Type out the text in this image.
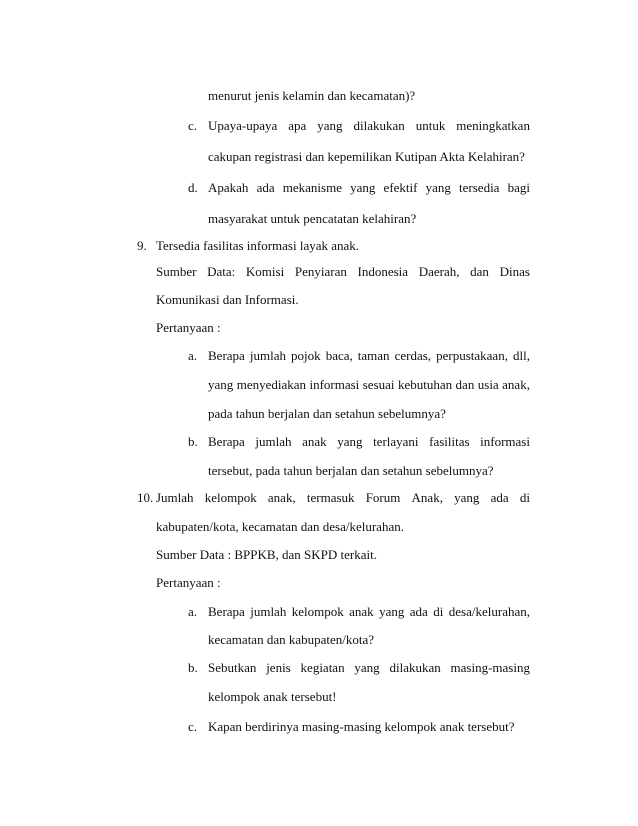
menurut jenis kelamin dan kecamatan)?
c. Upaya-upaya apa yang dilakukan untuk meningkatkan
cakupan registrasi dan kepemilikan Kutipan Akta Kelahiran?
d. Apakah ada mekanisme yang efektif yang tersedia bagi
masyarakat untuk pencatatan kelahiran?
9. Tersedia fasilitas informasi layak anak.
Sumber Data: Komisi Penyiaran Indonesia Daerah, dan Dinas
Komunikasi dan Informasi.
Pertanyaan :
a. Berapa jumlah pojok baca, taman cerdas, perpustakaan, dll,
yang menyediakan informasi sesuai kebutuhan dan usia anak,
pada tahun berjalan dan setahun sebelumnya?
b. Berapa jumlah anak yang terlayani fasilitas informasi
tersebut, pada tahun berjalan dan setahun sebelumnya?
10. Jumlah kelompok anak, termasuk Forum Anak, yang ada di
kabupaten/kota, kecamatan dan desa/kelurahan.
Sumber Data : BPPKB, dan SKPD terkait.
Pertanyaan :
a. Berapa jumlah kelompok anak yang ada di desa/kelurahan,
kecamatan dan kabupaten/kota?
b. Sebutkan jenis kegiatan yang dilakukan masing-masing
kelompok anak tersebut!
c. Kapan berdirinya masing-masing kelompok anak tersebut?
